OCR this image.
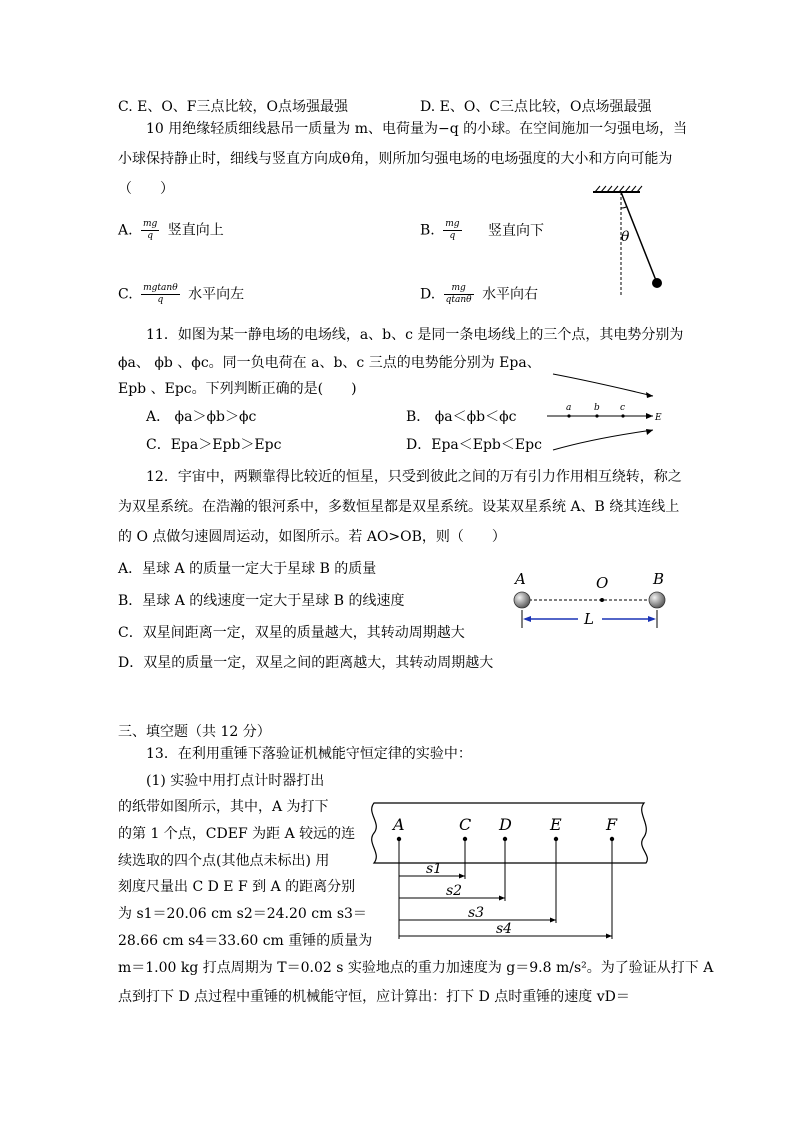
C. E、O、F三点比较，O点场强最强	D. E、O、C三点比较，O点场强最强
10 用绝缘轻质细线悬吊一质量为 m、电荷量为−q 的小球。在空间施加一匀强电场，当
小球保持静止时，细线与竖直方向成θ角，则所加匀强电场的电场强度的大小和方向可能为
（　　）
A. $\frac{mg}{q}$ 竖直向上	B. $\frac{mg}{q}$ 竖直向下
C. $\frac{mgtan\theta}{q}$ 水平向左	D. $\frac{mg}{qtan\theta}$ 水平向右
θ
11．如图为某一静电场的电场线，a、b、c 是同一条电场线上的三个点，其电势分别为
ϕa、 ϕb 、ϕc。同一负电荷在 a、b、c 三点的电势能分别为 Epa、
Epb 、Epc。下列判断正确的是(　　)
A． ϕa＞ϕb＞ϕc	B． ϕa＜ϕb＜ϕc
C．Epa＞Epb＞Epc	D．Epa＜Epb＜Epc
a	b c
E
12．宇宙中，两颗靠得比较近的恒星，只受到彼此之间的万有引力作用相互绕转，称之
为双星系统。在浩瀚的银河系中，多数恒星都是双星系统。设某双星系统 A、B 绕其连线上
的 O 点做匀速圆周运动，如图所示。若 AO>OB，则（　　）
A．星球 A 的质量一定大于星球 B 的质量
B．星球 A 的线速度一定大于星球 B 的线速度
C．双星间距离一定，双星的质量越大，其转动周期越大
D．双星的质量一定，双星之间的距离越大，其转动周期越大
A	O	B
L
三、填空题（共 12 分）
13．在利用重锤下落验证机械能守恒定律的实验中：
(1) 实验中用打点计时器打出
的纸带如图所示，其中，A 为打下
的第 1 个点，CDEF 为距 A 较远的连
续选取的四个点(其他点未标出) 用
刻度尺量出 C D E F 到 A 的距离分别
为 s1＝20.06 cm s2＝24.20 cm s3＝
28.66 cm s4＝33.60 cm 重锤的质量为
m＝1.00 kg 打点周期为 T＝0.02 s 实验地点的重力加速度为 g＝9.8 m/s²。为了验证从打下 A
点到打下 D 点过程中重锤的机械能守恒，应计算出：打下 D 点时重锤的速度 vD＝
A	C D E	F
s1
s2
s3
s4
